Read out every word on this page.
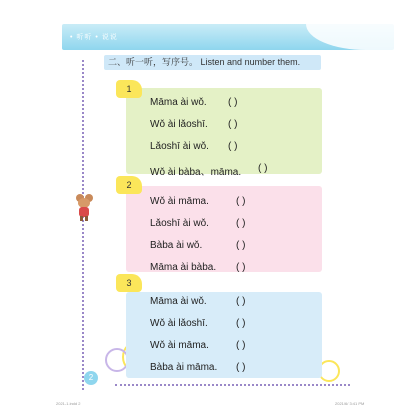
• 听听 • 说说
二、听一听，写序号。 Listen and number them.
1
Māma ài wǒ. ( )
Wǒ ài lǎoshī. ( )
Lǎoshī ài wǒ. ( )
Wǒ ài bàba、māma. ( )
2
Wǒ ài māma.	( )
Lǎoshī ài wǒ.	( )
Bàba ài wǒ.	( )
Māma ài bàba. ( )
3
Māma ài wǒ.	( )
Wǒ ài lǎoshī.	( )
Wǒ ài māma.	( )
Bàba ài māma. ( )
2
2021-1.indd 2	2021/6/ 3:41 PM
